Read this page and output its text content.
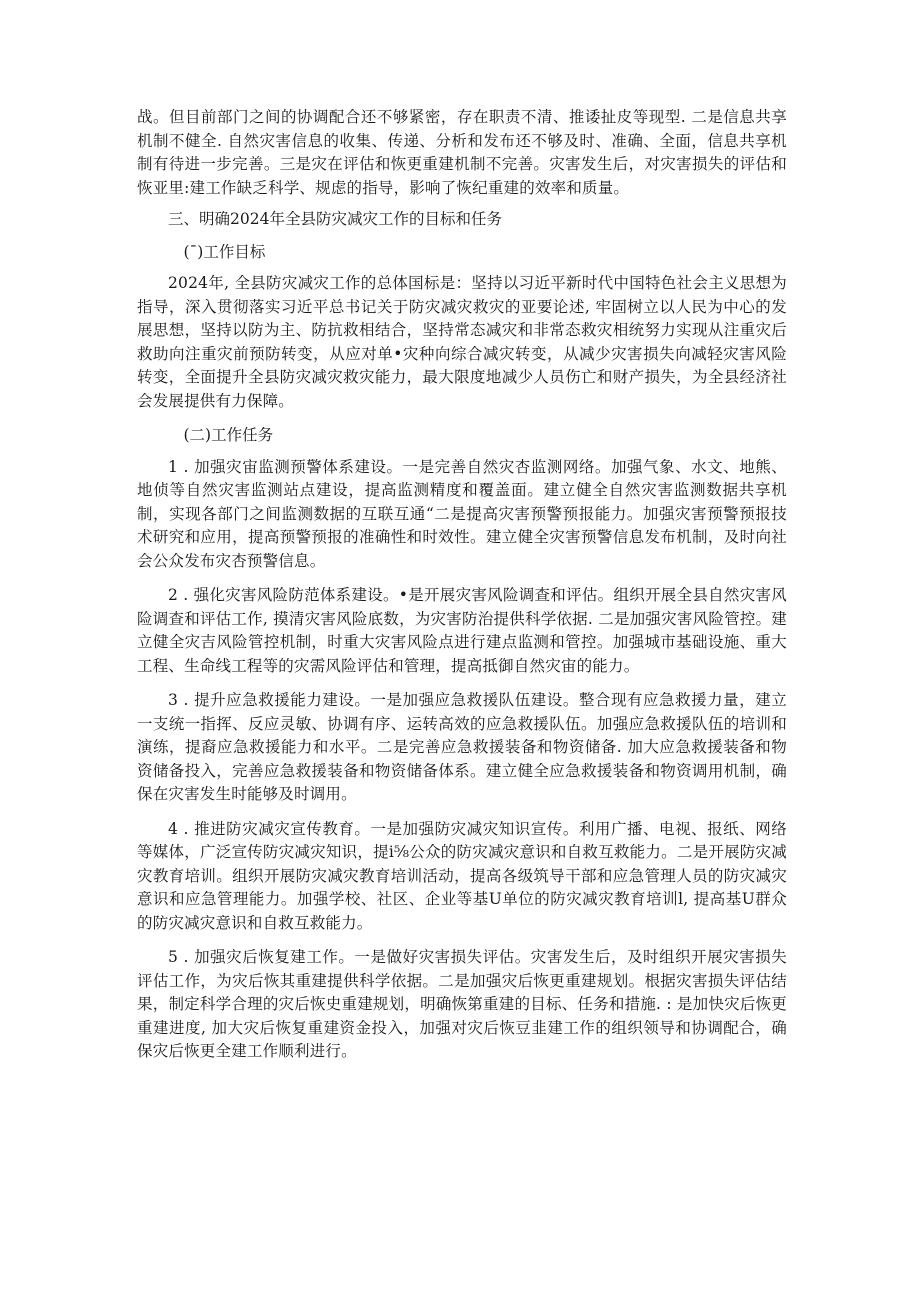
战。但目前部门之间的协调配合还不够紧密，存在职责不清、推诿扯皮等现型. 二是信息共享机制不健全. 自然灾害信息的收集、传递、分析和发布还不够及时、准确、全面，信息共享机制有待进一步完善。三是灾在评估和恢更重建机制不完善。灾害发生后，对灾害损失的评估和恢亚里:建工作缺乏科学、规虑的指导，影响了恢纪重建的效率和质量。

三、明确2024年全县防灾减灾工作的目标和任务

(¯)工作目标

2024年, 全县防灾减灾工作的总体国标是：坚持以习近平新时代中国特色社会主义思想为指导，深入贯彻落实习近平总书记关于防灾减灾救灾的亚要论述, 牢固树立以人民为中心的发展思想，坚持以防为主、防抗救相结合，坚持常态减灾和非常态救灾相统努力实现从注重灾后救助向注重灾前预防转变，从应对单•灾种向综合减灾转变，从减少灾害损失向减轻灾害风险转变，全面提升全县防灾减灾救灾能力，最大限度地减少人员伤亡和财产损失，为全县经济社会发展提供有力保障。

(二)工作任务

1 . 加强灾宙监测预警体系建设。一是完善自然灾杏监测网络。加强气象、水文、地熊、地侦等自然灾害监测站点建设，提高监测精度和覆盖面。建立健全自然灾害监测数据共享机制，实现各部门之间监测数据的互联互通“二是提高灾害预警预报能力。加强灾害预警预报技术研究和应用，提高预警预报的准确性和时效性。建立健全灾害预警信息发布机制，及时向社会公众发布灾杏预警信息。

2 . 强化灾害风险防范体系建设。•是开展灾害风险调查和评估。组织开展全县自然灾害风险调查和评估工作, 摸清灾害风险底数，为灾害防治提供科学依据. 二是加强灾害风险管控。建立健全灾吉风险管控机制，时重大灾害风险点进行建点监测和管控。加强城市基础设施、重大工程、生命线工程等的灾需风险评估和管理，提高抵御自然灾宙的能力。

3 . 提升应急救援能力建设。一是加强应急救援队伍建设。整合现有应急救援力量，建立一支统一指挥、反应灵敏、协调有序、运转高效的应急救援队伍。加强应急救援队伍的培训和演练，提裔应急救援能力和水平。二是完善应急救援装备和物资储备. 加大应急救援装备和物资储备投入，完善应急救援装备和物资储备体系。建立健全应急救援装备和物资调用机制，确保在灾害发生时能够及时调用。

4 . 推进防灾减灾宣传教育。一是加强防灾减灾知识宣传。利用广播、电视、报纸、网络等媒体，广泛宣传防灾减灾知识，提i⅝公众的防灾减灾意识和自救互救能力。二是开展防灾减灾教育培训。组织开展防灾减灾教育培训活动，提高各级筑导干部和应急管理人员的防灾减灾意识和应急管理能力。加强学校、社区、企业等基U单位的防灾减灾教育培训l, 提高基U群众的防灾减灾意识和自救互救能力。

5 . 加强灾后恢复建工作。一是做好灾害损失评估。灾害发生后，及时组织开展灾害损失评估工作，为灾后恢其重建提供科学依据。二是加强灾后恢更重建规划。根据灾害损失评估结果，制定科学合理的灾后恢史重建规划，明确恢第重建的目标、任务和措施. : 是加快灾后恢更重建进度, 加大灾后恢复重建资金投入，加强对灾后恢豆韭建工作的组织领导和协调配合，确保灾后恢更全建工作顺利进行。
